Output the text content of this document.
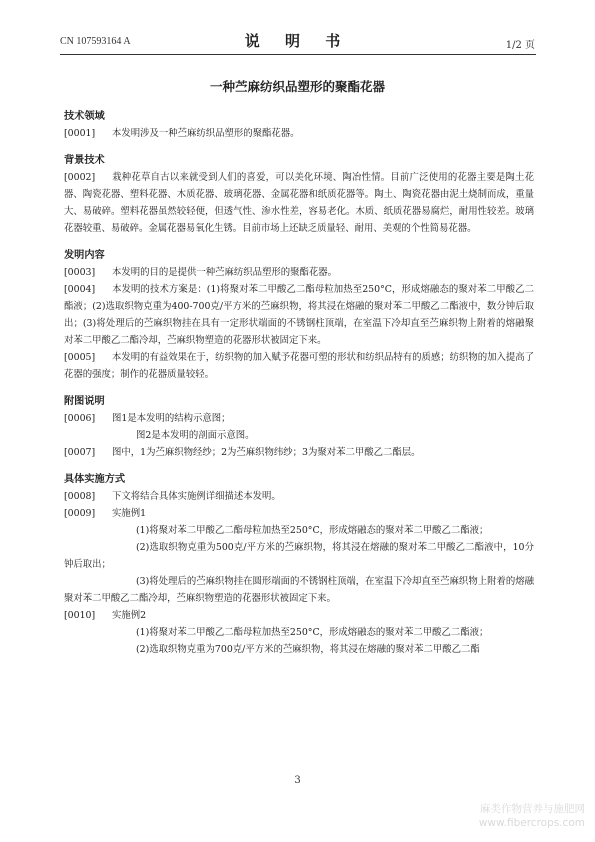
CN 107593164 A	说 明 书	1/2 页
一种苎麻纺织品塑形的聚酯花器
技术领域
[0001] 本发明涉及一种苎麻纺织品塑形的聚酯花器。
背景技术
[0002] 栽种花草自古以来就受到人们的喜爱，可以美化环境、陶冶性情。目前广泛使用的花器主要是陶土花器、陶瓷花器、塑料花器、木质花器、玻璃花器、金属花器和纸质花器等。陶土、陶瓷花器由泥土烧制而成，重量大、易破碎。塑料花器虽然较轻便，但透气性、渗水性差，容易老化。木质、纸质花器易腐烂，耐用性较差。玻璃花器较重、易破碎。金属花器易氧化生锈。目前市场上还缺乏质量轻、耐用、美观的个性简易花器。
发明内容
[0003] 本发明的目的是提供一种苎麻纺织品塑形的聚酯花器。
[0004] 本发明的技术方案是：(1)将聚对苯二甲酸乙二酯母粒加热至250°C，形成熔融态的聚对苯二甲酸乙二酯液；(2)选取织物克重为400-700克/平方米的苎麻织物，将其浸在熔融的聚对苯二甲酸乙二酯液中，数分钟后取出；(3)将处理后的苎麻织物挂在具有一定形状端面的不锈钢柱顶端，在室温下冷却直至苎麻织物上附着的熔融聚对苯二甲酸乙二酯冷却，苎麻织物塑造的花器形状被固定下来。
[0005] 本发明的有益效果在于，纺织物的加入赋予花器可塑的形状和纺织品特有的质感；纺织物的加入提高了花器的强度；制作的花器质量较轻。
附图说明
[0006] 图1是本发明的结构示意图；
图2是本发明的剖面示意图。
[0007] 图中，1为苎麻织物经纱；2为苎麻织物纬纱；3为聚对苯二甲酸乙二酯层。
具体实施方式
[0008] 下文将结合具体实施例详细描述本发明。
[0009] 实施例1
(1)将聚对苯二甲酸乙二酯母粒加热至250°C，形成熔融态的聚对苯二甲酸乙二酯液；
(2)选取织物克重为500克/平方米的苎麻织物，将其浸在熔融的聚对苯二甲酸乙二酯液中，10分钟后取出；
(3)将处理后的苎麻织物挂在圆形端面的不锈钢柱顶端，在室温下冷却直至苎麻织物上附着的熔融聚对苯二甲酸乙二酯冷却，苎麻织物塑造的花器形状被固定下来。
[0010] 实施例2
(1)将聚对苯二甲酸乙二酯母粒加热至250°C，形成熔融态的聚对苯二甲酸乙二酯液；
(2)选取织物克重为700克/平方米的苎麻织物，将其浸在熔融的聚对苯二甲酸乙二酯
3
麻类作物营养与施肥网
www.fibercrops.com
